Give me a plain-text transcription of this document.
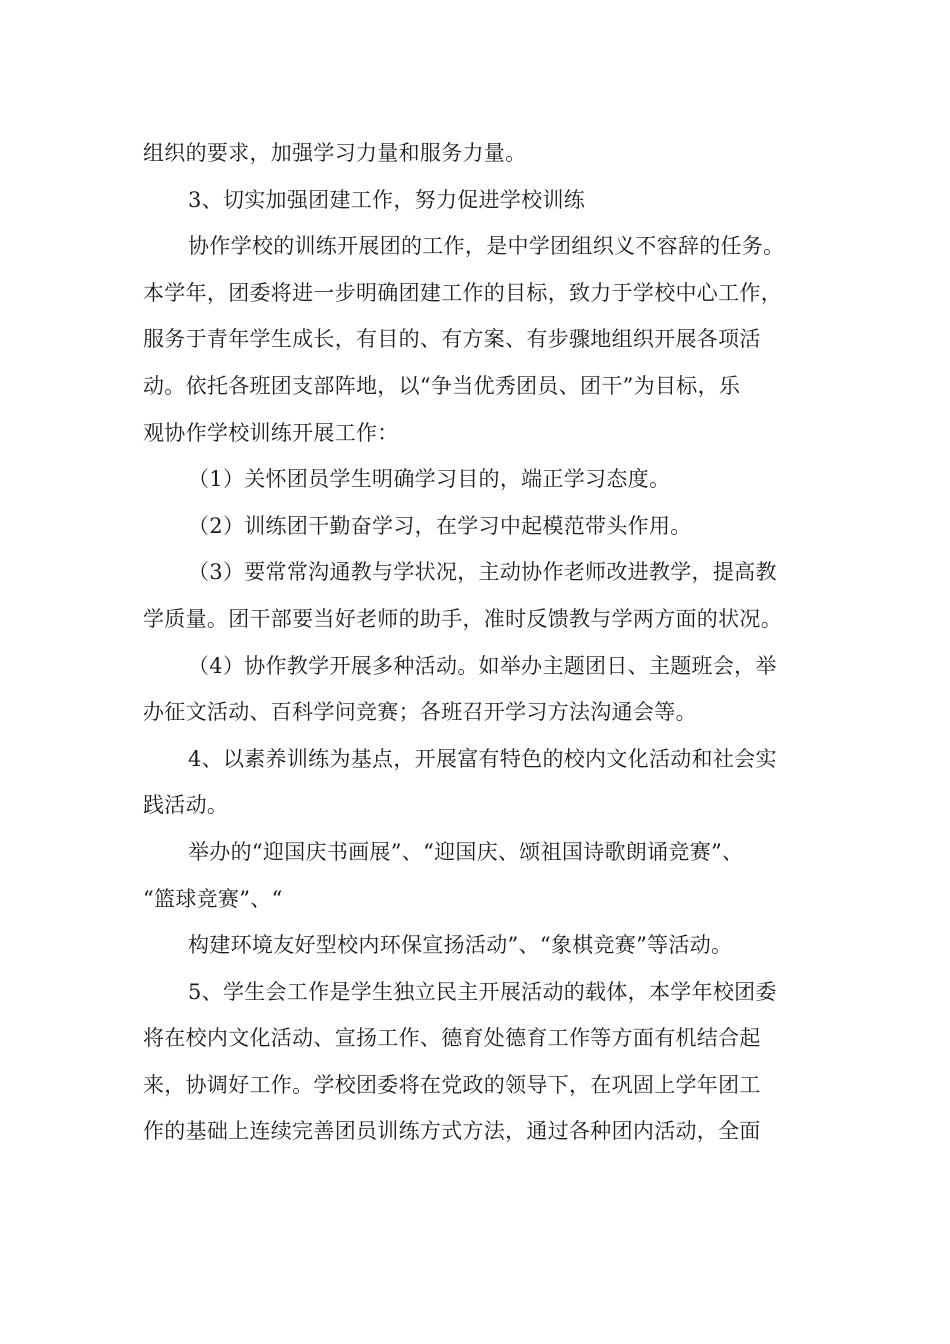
组织的要求，加强学习力量和服务力量。
3、切实加强团建工作，努力促进学校训练
协作学校的训练开展团的工作，是中学团组织义不容辞的任务。
本学年，团委将进一步明确团建工作的目标，致力于学校中心工作，
服务于青年学生成长，有目的、有方案、有步骤地组织开展各项活
动。依托各班团支部阵地，以“争当优秀团员、团干”为目标，乐
观协作学校训练开展工作：
（1）关怀团员学生明确学习目的，端正学习态度。
（2）训练团干勤奋学习，在学习中起模范带头作用。
（3）要常常沟通教与学状况，主动协作老师改进教学，提高教
学质量。团干部要当好老师的助手，准时反馈教与学两方面的状况。
（4）协作教学开展多种活动。如举办主题团日、主题班会，举
办征文活动、百科学问竞赛；各班召开学习方法沟通会等。
4、以素养训练为基点，开展富有特色的校内文化活动和社会实
践活动。
举办的“迎国庆书画展”、“迎国庆、颂祖国诗歌朗诵竞赛”、
“篮球竞赛”、“
构建环境友好型校内环保宣扬活动”、“象棋竞赛”等活动。
5、学生会工作是学生独立民主开展活动的载体，本学年校团委
将在校内文化活动、宣扬工作、德育处德育工作等方面有机结合起
来，协调好工作。学校团委将在党政的领导下，在巩固上学年团工
作的基础上连续完善团员训练方式方法，通过各种团内活动，全面
